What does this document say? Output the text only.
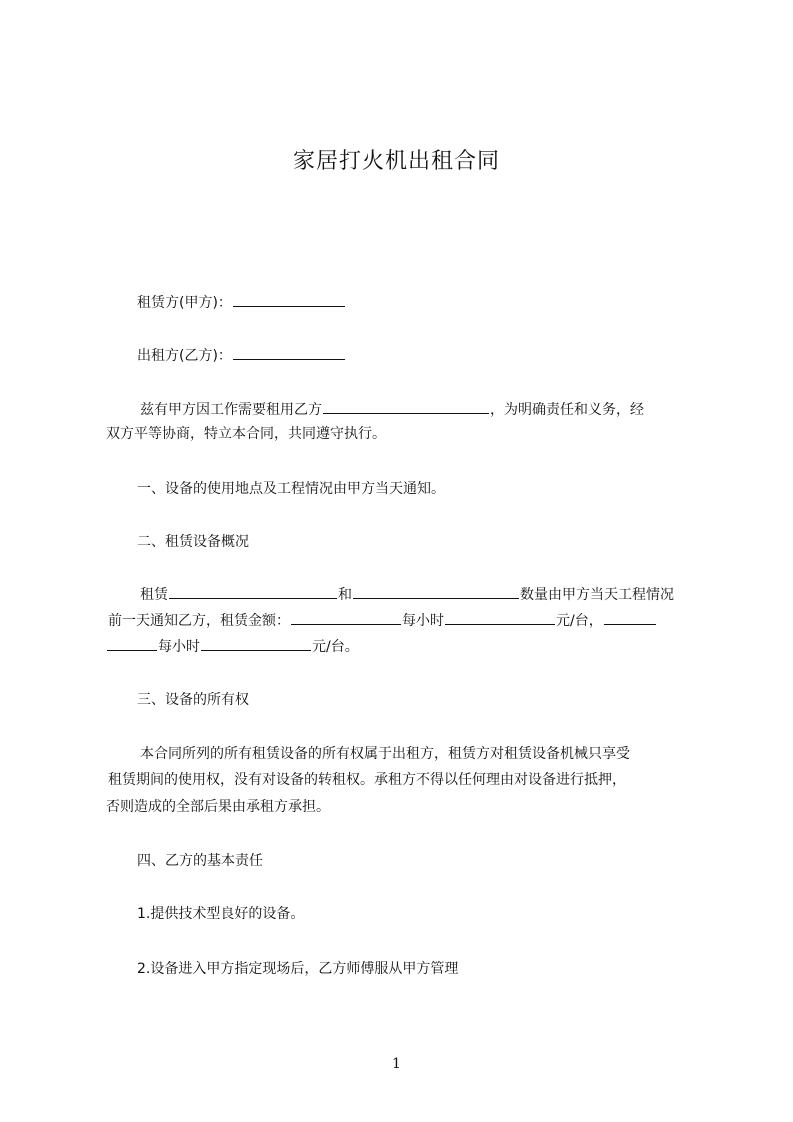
家居打火机出租合同
租赁方(甲方)：
出租方(乙方)：
兹有甲方因工作需要租用乙方	，为明确责任和义务，经
双方平等协商，特立本合同，共同遵守执行。
一、设备的使用地点及工程情况由甲方当天通知。
二、租赁设备概况
租赁	和	数量由甲方当天工程情况
前一天通知乙方，租赁金额：	每小时	元/台，
每小时	元/台。
三、设备的所有权
本合同所列的所有租赁设备的所有权属于出租方，租赁方对租赁设备机械只享受
租赁期间的使用权，没有对设备的转租权。承租方不得以任何理由对设备进行抵押，
否则造成的全部后果由承租方承担。
四、乙方的基本责任
1.提供技术型良好的设备。
2.设备进入甲方指定现场后，乙方师傅服从甲方管理
1
